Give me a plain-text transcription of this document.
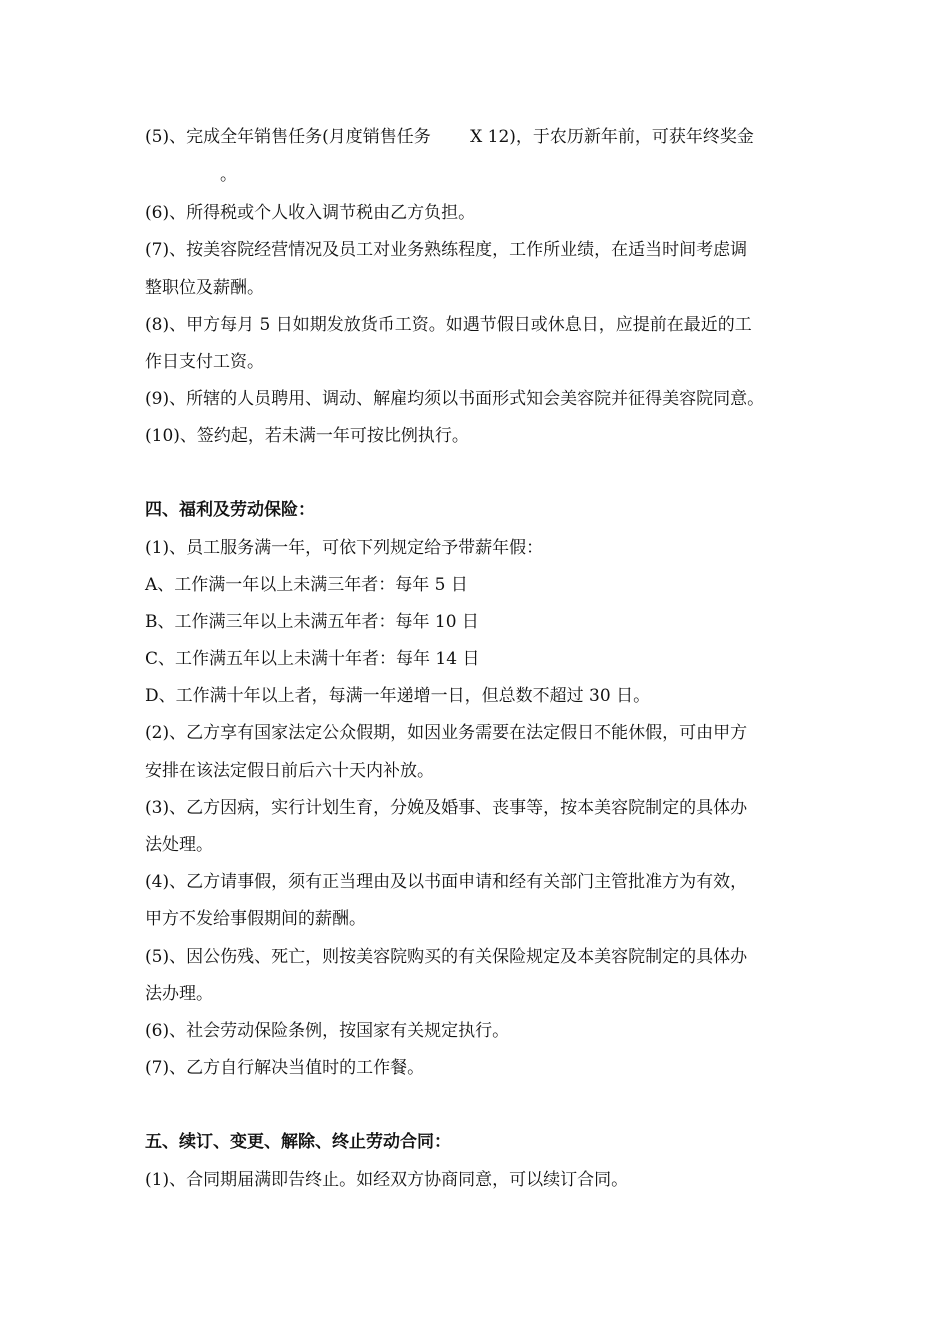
(5)、完成全年销售任务(月度销售任务　　 X 12)，于农历新年前，可获年终奖金
。
(6)、所得税或个人收入调节税由乙方负担。
(7)、按美容院经营情况及员工对业务熟练程度，工作所业绩，在适当时间考虑调
整职位及薪酬。
(8)、甲方每月 5 日如期发放货币工资。如遇节假日或休息日，应提前在最近的工
作日支付工资。
(9)、所辖的人员聘用、调动、解雇均须以书面形式知会美容院并征得美容院同意。
(10)、签约起，若未满一年可按比例执行。
四、福利及劳动保险：
(1)、员工服务满一年，可依下列规定给予带薪年假：
A、工作满一年以上未满三年者：每年 5 日
B、工作满三年以上未满五年者：每年 10 日
C、工作满五年以上未满十年者：每年 14 日
D、工作满十年以上者，每满一年递增一日，但总数不超过 30 日。
(2)、乙方享有国家法定公众假期，如因业务需要在法定假日不能休假，可由甲方
安排在该法定假日前后六十天内补放。
(3)、乙方因病，实行计划生育，分娩及婚事、丧事等，按本美容院制定的具体办
法处理。
(4)、乙方请事假，须有正当理由及以书面申请和经有关部门主管批准方为有效，
甲方不发给事假期间的薪酬。
(5)、因公伤残、死亡，则按美容院购买的有关保险规定及本美容院制定的具体办
法办理。
(6)、社会劳动保险条例，按国家有关规定执行。
(7)、乙方自行解决当值时的工作餐。
五、续订、变更、解除、终止劳动合同：
(1)、合同期届满即告终止。如经双方协商同意，可以续订合同。
